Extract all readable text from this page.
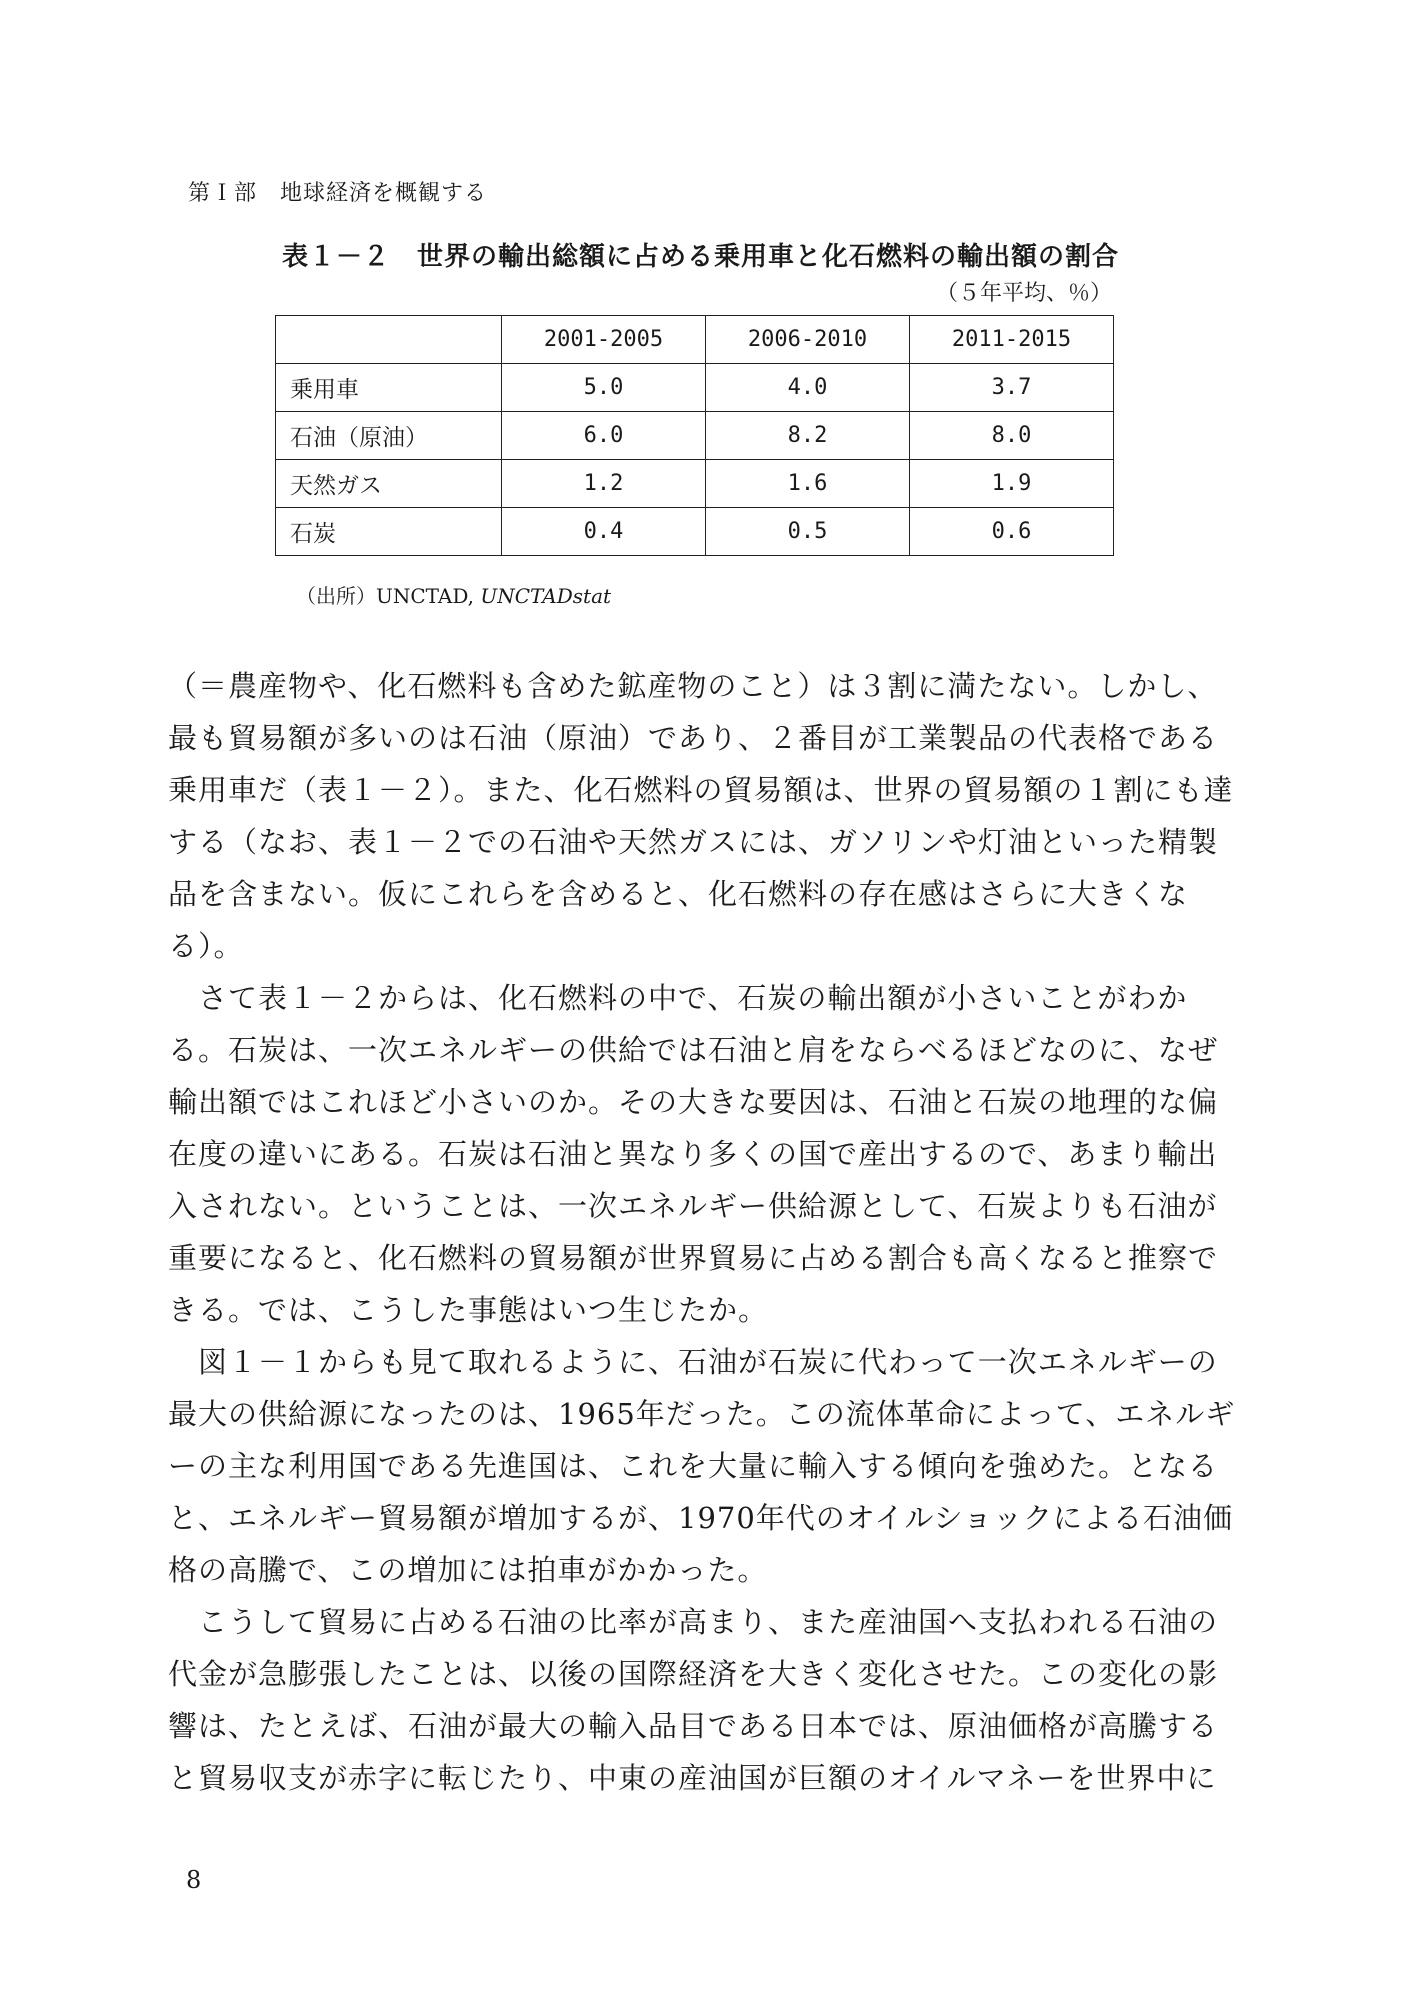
第Ｉ部　地球経済を概観する
表１－２　世界の輸出総額に占める乗用車と化石燃料の輸出額の割合
（５年平均、％）
	2001-2005	2006-2010	2011-2015
乗用車	5.0	4.0	3.7
石油（原油）	6.0	8.2	8.0
天然ガス	1.2	1.6	1.9
石炭	0.4	0.5	0.6
（出所）UNCTAD, UNCTADstat

（＝農産物や、化石燃料も含めた鉱産物のこと）は３割に満たない。しかし、最も貿易額が多いのは石油（原油）であり、２番目が工業製品の代表格である乗用車だ（表１－２）。また、化石燃料の貿易額は、世界の貿易額の１割にも達する（なお、表１－２での石油や天然ガスには、ガソリンや灯油といった精製品を含まない。仮にこれらを含めると、化石燃料の存在感はさらに大きくなる）。

　さて表１－２からは、化石燃料の中で、石炭の輸出額が小さいことがわかる。石炭は、一次エネルギーの供給では石油と肩をならべるほどなのに、なぜ輸出額ではこれほど小さいのか。その大きな要因は、石油と石炭の地理的な偏在度の違いにある。石炭は石油と異なり多くの国で産出するので、あまり輸出入されない。ということは、一次エネルギー供給源として、石炭よりも石油が重要になると、化石燃料の貿易額が世界貿易に占める割合も高くなると推察できる。では、こうした事態はいつ生じたか。

　図１－１からも見て取れるように、石油が石炭に代わって一次エネルギーの最大の供給源になったのは、1965年だった。この流体革命によって、エネルギーの主な利用国である先進国は、これを大量に輸入する傾向を強めた。となると、エネルギー貿易額が増加するが、1970年代のオイルショックによる石油価格の高騰で、この増加には拍車がかかった。

　こうして貿易に占める石油の比率が高まり、また産油国へ支払われる石油の代金が急膨張したことは、以後の国際経済を大きく変化させた。この変化の影響は、たとえば、石油が最大の輸入品目である日本では、原油価格が高騰すると貿易収支が赤字に転じたり、中東の産油国が巨額のオイルマネーを世界中に

8
